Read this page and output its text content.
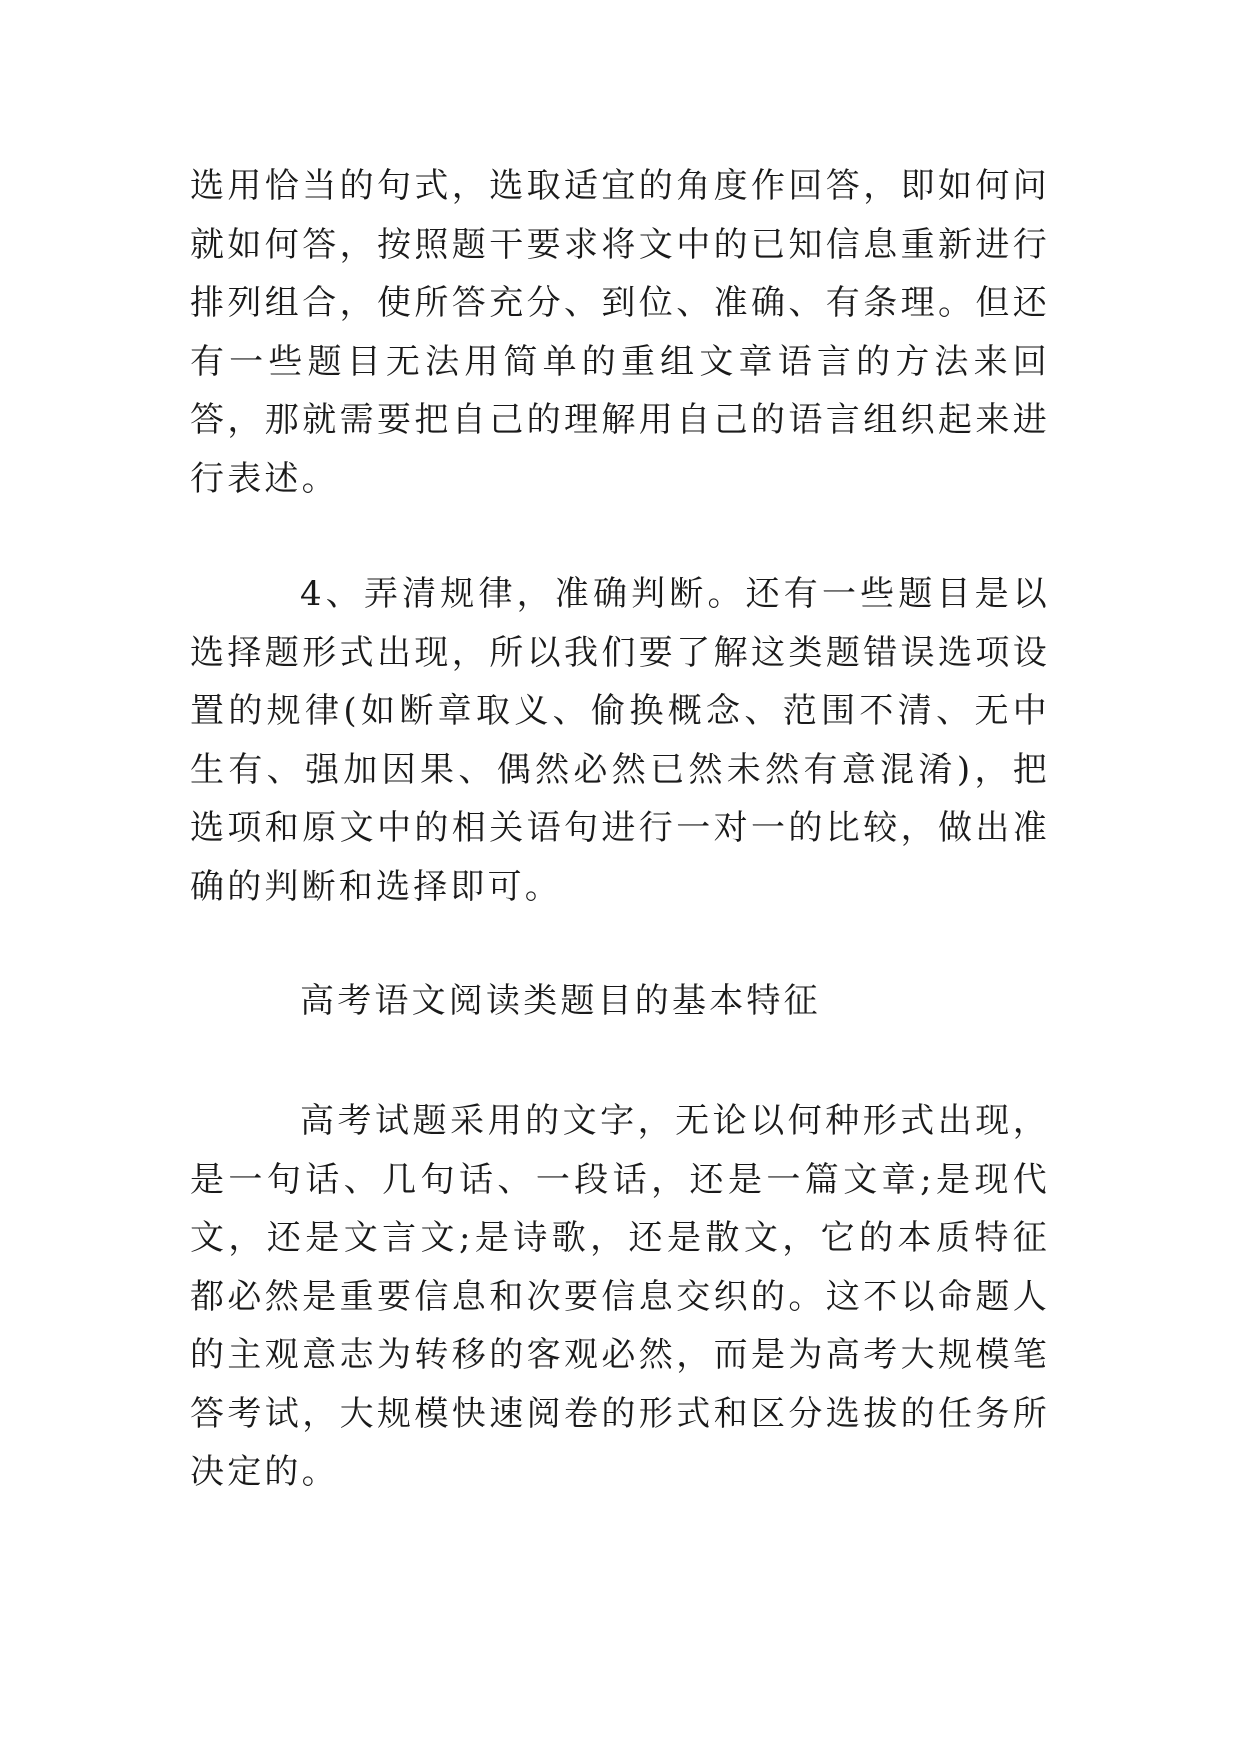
选用恰当的句式，选取适宜的角度作回答，即如何问就如何答，按照题干要求将文中的已知信息重新进行排列组合，使所答充分、到位、准确、有条理。但还有一些题目无法用简单的重组文章语言的方法来回答，那就需要把自己的理解用自己的语言组织起来进行表述。

4、弄清规律，准确判断。还有一些题目是以选择题形式出现，所以我们要了解这类题错误选项设置的规律(如断章取义、偷换概念、范围不清、无中生有、强加因果、偶然必然已然未然有意混淆)，把选项和原文中的相关语句进行一对一的比较，做出准确的判断和选择即可。

高考语文阅读类题目的基本特征

高考试题采用的文字，无论以何种形式出现，是一句话、几句话、一段话，还是一篇文章;是现代文，还是文言文;是诗歌，还是散文，它的本质特征都必然是重要信息和次要信息交织的。这不以命题人的主观意志为转移的客观必然，而是为高考大规模笔答考试，大规模快速阅卷的形式和区分选拔的任务所决定的。
